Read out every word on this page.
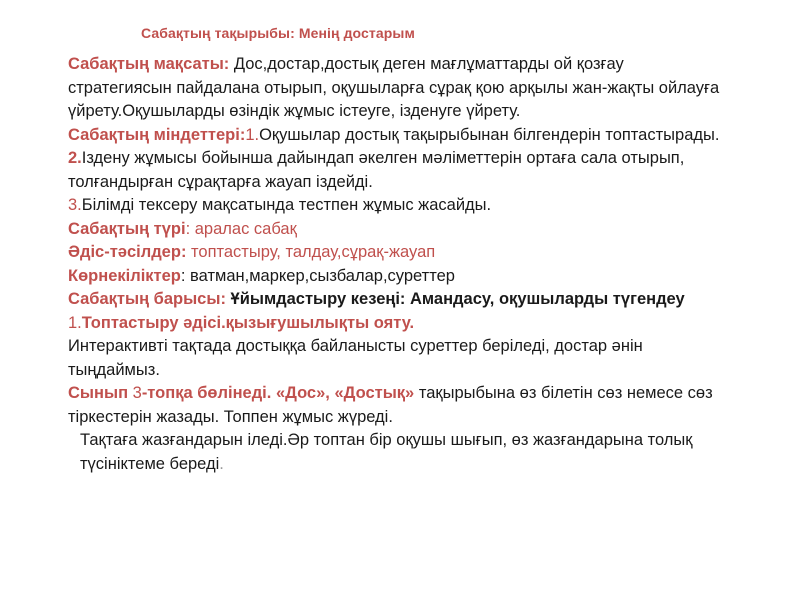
Сабақтың тақырыбы: Менің достарым

Сабақтың мақсаты: Дос,достар,достық деген мағлұматтарды ой қозғау стратегиясын пайдалана отырып, оқушыларға сұрақ қою арқылы жан-жақты ойлауға үйрету.Оқушыларды өзіндік жұмыс істеуге, ізденуге үйрету.

Сабақтың міндеттері:1.Оқушылар достық тақырыбынан білгендерін топтастырады.

2.Іздену жұмысы бойынша дайындап әкелген мәліметтерін ортаға сала отырып, толғандырған сұрақтарға жауап іздейді.

3.Білімді тексеру мақсатында тестпен жұмыс жасайды.

Сабақтың түрі: аралас сабақ

Әдіс-тәсілдер: топтастыру, талдау,сұрақ-жауап

Көрнекіліктер: ватман,маркер,сызбалар,суреттер

Сабақтың барысы: Ұйымдастыру кезеңі: Амандасу, оқушыларды түгендеу

1.Топтастыру әдісі.қызығушылықты ояту.

Интерактивті тақтада достыққа байланысты суреттер беріледі, достар әнін тыңдаймыз.

Сынып 3-топқа бөлінеді. «Дос», «Достық» тақырыбына өз білетін сөз немесе сөз тіркестерін жазады. Топпен жұмыс жүреді.

Тақтаға жазғандарын іледі.Әр топтан бір оқушы шығып, өз жазғандарына толық түсініктеме береді.
